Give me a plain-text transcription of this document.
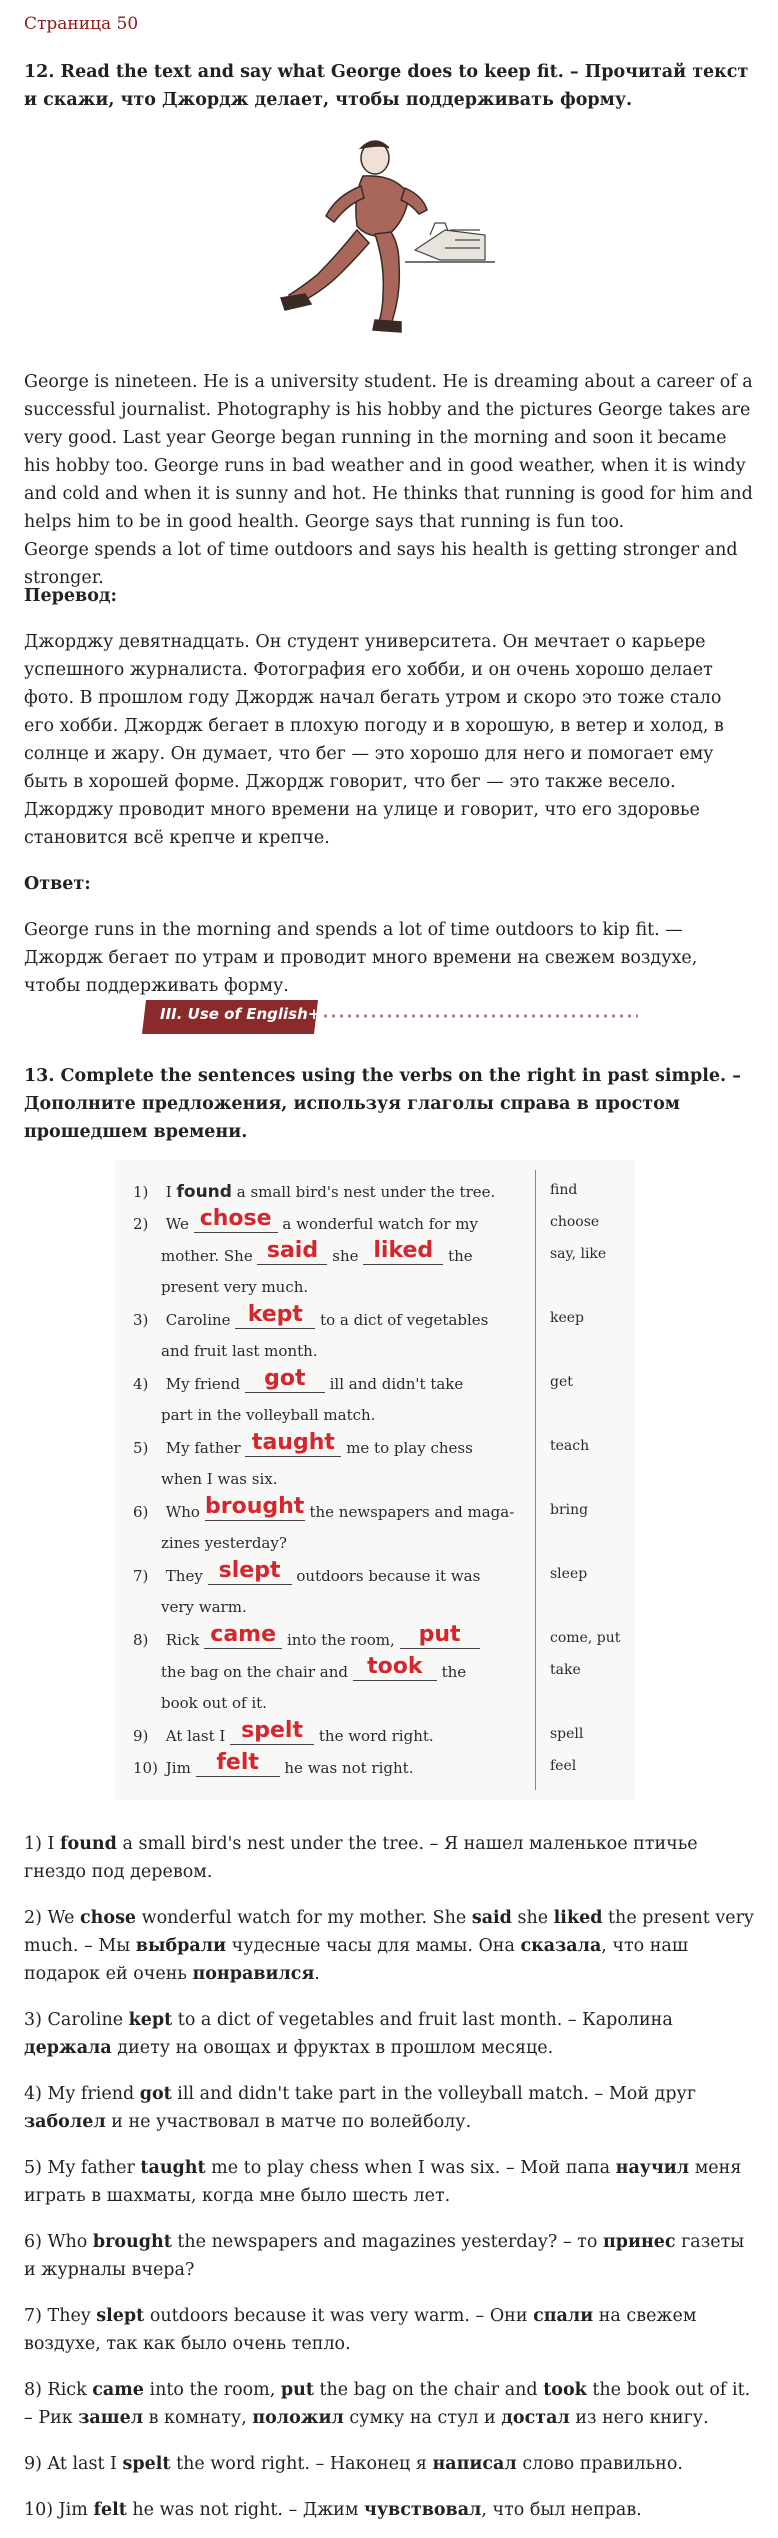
Страница 50

12. Read the text and say what George does to keep fit. – Прочитай текст и скажи, что Джордж делает, чтобы поддерживать форму.

George is nineteen. He is a university student. He is dreaming about a career of a successful journalist. Photography is his hobby and the pictures George takes are very good. Last year George began running in the morning and soon it became his hobby too. George runs in bad weather and in good weather, when it is windy and cold and when it is sunny and hot. He thinks that running is good for him and helps him to be in good health. George says that running is fun too.

George spends a lot of time outdoors and says his health is getting stronger and stronger.

Перевод:

Джорджу девятнадцать. Он студент университета. Он мечтает о карьере успешного журналиста. Фотография его хобби, и он очень хорошо делает фото. В прошлом году Джордж начал бегать утром и скоро это тоже стало его хобби. Джордж бегает в плохую погоду и в хорошую, в ветер и холод, в солнце и жару. Он думает, что бег — это хорошо для него и помогает ему быть в хорошей форме. Джордж говорит, что бег — это также весело.

Джорджу проводит много времени на улице и говорит, что его здоровье становится всё крепче и крепче.

Ответ:

George runs in the morning and spends a lot of time outdoors to kip fit. — Джордж бегает по утрам и проводит много времени на свежем воздухе, чтобы поддерживать форму.

III. Use of English+

13. Complete the sentences using the verbs on the right in past simple. – Дополните предложения, используя глаголы справа в простом прошедшем времени.

1) I found a small bird's nest under the tree.
2) We chose a wonderful watch for my
mother. She said she liked the
present very much.
3) Caroline kept	to a dict of vegetables
and fruit last month.
4) My friend	got	ill and didn't take
part in the volleyball match.
5) My father taught me to play chess
when I was six.
6) Who brought the newspapers and maga-
zines yesterday?
7) They slept	outdoors because it was
very warm.
8) Rick came into the room,	put
the bag on the chair and took	the
book out of it.
9) At last I spelt	the word right.
10) Jim	felt	he was not right.
find
choose
say, like
keep
get
teach
bring
sleep
come, put
take
spell
feel

1) I found a small bird's nest under the tree. – Я нашел маленькое птичье гнездо под деревом.

2) We chose wonderful watch for my mother. She said she liked the present very much. – Мы выбрали чудесные часы для мамы. Она сказала, что наш подарок ей очень понравился.

3) Caroline kept to a dict of vegetables and fruit last month. – Каролина держала диету на овощах и фруктах в прошлом месяце.

4) My friend got ill and didn't take part in the volleyball match. – Мой друг заболел и не участвовал в матче по волейболу.

5) My father taught me to play chess when I was six. – Мой папа научил меня играть в шахматы, когда мне было шесть лет.

6) Who brought the newspapers and magazines yesterday? – то принес газеты и журналы вчера?

7) They slept outdoors because it was very warm. – Они спали на свежем воздухе, так как было очень тепло.

8) Rick came into the room, put the bag on the chair and took the book out of it. – Рик зашел в комнату, положил сумку на стул и достал из него книгу.

9) At last I spelt the word right. – Наконец я написал слово правильно.

10) Jim felt he was not right. – Джим чувствовал, что был неправ.
